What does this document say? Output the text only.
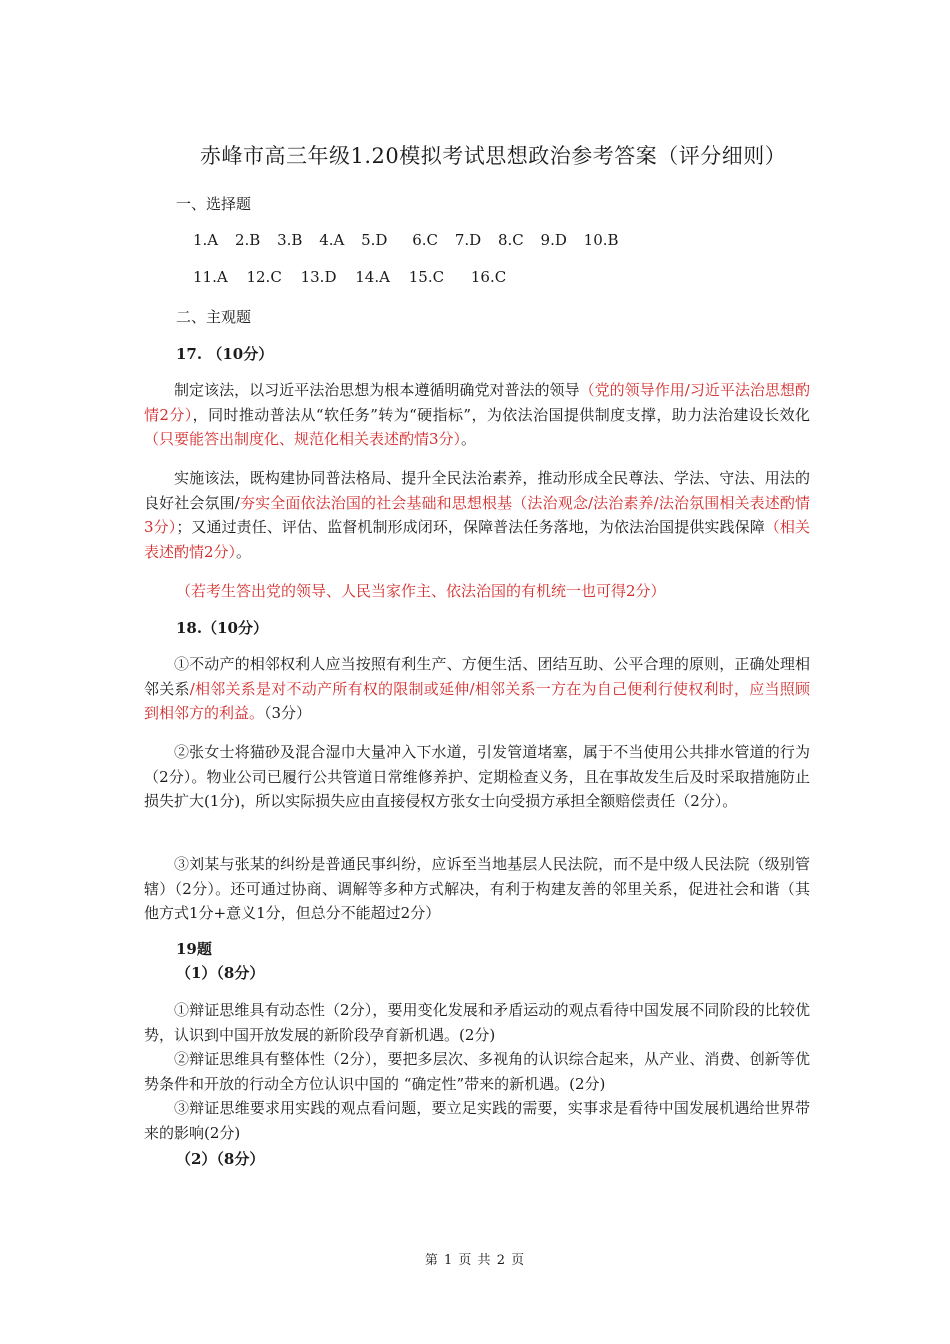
赤峰市高三年级1.20模拟考试思想政治参考答案（评分细则）
一、选择题
1.A 2.B 3.B 4.A 5.D 6.C 7.D 8.C 9.D 10.B
11.A 12.C 13.D 14.A 15.C 16.C
二、主观题
17. （10分）

制定该法，以习近平法治思想为根本遵循明确党对普法的领导（党的领导作用/习近平法治思想酌情2分），同时推动普法从“软任务”转为“硬指标”，为依法治国提供制度支撑，助力法治建设长效化（只要能答出制度化、规范化相关表述酌情3分）。

实施该法，既构建协同普法格局、提升全民法治素养，推动形成全民尊法、学法、守法、用法的良好社会氛围/夯实全面依法治国的社会基础和思想根基（法治观念/法治素养/法治氛围相关表述酌情3分）；又通过责任、评估、监督机制形成闭环，保障普法任务落地，为依法治国提供实践保障（相关表述酌情2分）。

（若考生答出党的领导、人民当家作主、依法治国的有机统一也可得2分）
18.（10分）

①不动产的相邻权利人应当按照有利生产、方便生活、团结互助、公平合理的原则，正确处理相邻关系/相邻关系是对不动产所有权的限制或延伸/相邻关系一方在为自己便利行使权利时，应当照顾到相邻方的利益。（3分）

②张女士将猫砂及混合湿巾大量冲入下水道，引发管道堵塞，属于不当使用公共排水管道的行为（2分）。物业公司已履行公共管道日常维修养护、定期检查义务，且在事故发生后及时采取措施防止损失扩大(1分)，所以实际损失应由直接侵权方张女士向受损方承担全额赔偿责任（2分）。

③刘某与张某的纠纷是普通民事纠纷，应诉至当地基层人民法院，而不是中级人民法院（级别管辖）（2分）。还可通过协商、调解等多种方式解决，有利于构建友善的邻里关系，促进社会和谐（其他方式1分+意义1分，但总分不能超过2分）

19题
（1）（8分）

①辩证思维具有动态性（2分），要用变化发展和矛盾运动的观点看待中国发展不同阶段的比较优势，认识到中国开放发展的新阶段孕育新机遇。(2分)

②辩证思维具有整体性（2分），要把多层次、多视角的认识综合起来，从产业、消费、创新等优势条件和开放的行动全方位认识中国的 “确定性”带来的新机遇。(2分)

③辩证思维要求用实践的观点看问题，要立足实践的需要，实事求是看待中国发展机遇给世界带来的影响(2分)

（2）（8分）
第 1 页 共 2 页
